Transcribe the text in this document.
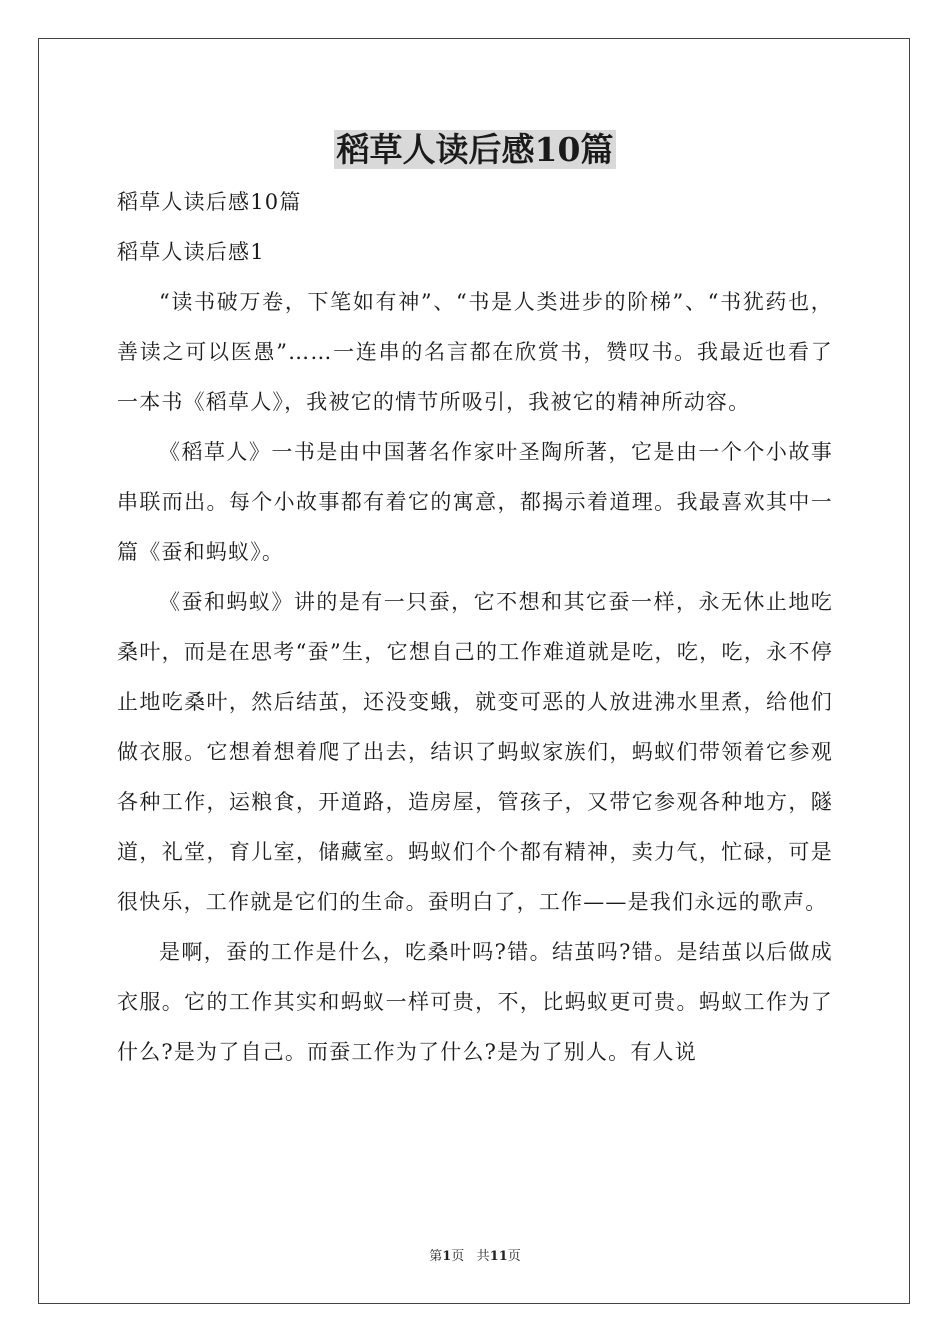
稻草人读后感10篇

稻草人读后感10篇

稻草人读后感1

“读书破万卷，下笔如有神”、“书是人类进步的阶梯”、“书犹药也，善读之可以医愚”……一连串的名言都在欣赏书，赞叹书。我最近也看了一本书《稻草人》，我被它的情节所吸引，我被它的精神所动容。

《稻草人》一书是由中国著名作家叶圣陶所著，它是由一个个小故事串联而出。每个小故事都有着它的寓意，都揭示着道理。我最喜欢其中一篇《蚕和蚂蚁》。

《蚕和蚂蚁》讲的是有一只蚕，它不想和其它蚕一样，永无休止地吃桑叶，而是在思考“蚕”生，它想自己的工作难道就是吃，吃，吃，永不停止地吃桑叶，然后结茧，还没变蛾，就变可恶的人放进沸水里煮，给他们做衣服。它想着想着爬了出去，结识了蚂蚁家族们，蚂蚁们带领着它参观各种工作，运粮食，开道路，造房屋，管孩子，又带它参观各种地方，隧道，礼堂，育儿室，储藏室。蚂蚁们个个都有精神，卖力气，忙碌，可是很快乐，工作就是它们的生命。蚕明白了，工作——是我们永远的歌声。

是啊，蚕的工作是什么，吃桑叶吗?错。结茧吗?错。是结茧以后做成衣服。它的工作其实和蚂蚁一样可贵，不，比蚂蚁更可贵。蚂蚁工作为了什么?是为了自己。而蚕工作为了什么?是为了别人。有人说

第1页 共11页
